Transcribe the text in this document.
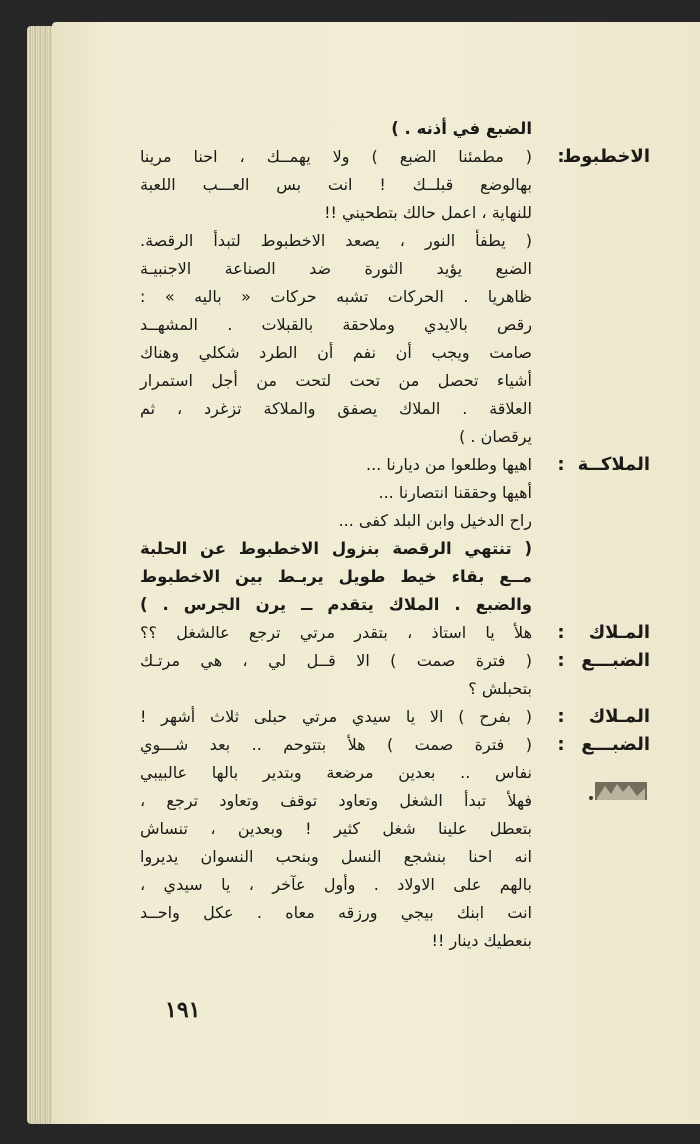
الضبع في أذنه . )
الاخطبوط
:
( مطمئنا الضبع ) ولا يهمــك ، احنا مرينا
بهالوضع قبلــك ! انت بس العـــب اللعبة
للنهاية ، اعمل حالك بتطحيني !!
( يطفأ النور ، يصعد الاخطبوط لتبدأ الرقصة.
الضبع يؤيد الثورة ضد الصناعة الاجنبيـة
ظاهريا . الحركات تشبه حركات « باليه » :
رقص بالايدي وملاحقة بالقبلات . المشهــد
صامت ويجب أن نفم أن الطرد شكلي وهناك
أشياء تحصل من تحت لتحت من أجل استمرار
العلاقة . الملاك يصفق والملاكة تزغرد ، ثم
يرقصان . )
الملاكــة
:
اهيها وطلعوا من ديارنا ...
أهيها وحققنا انتصارنا ...
راح الدخيل وابن البلد كفى ...
( تنتهي الرقصة بنزول الاخطبوط عن الحلبة
مــع بقاء خيط طويل يربـط بين الاخطبوط
والضبع . الملاك يتقدم ــ يرن الجرس . )
المـلاك
:
هلأ يا استاذ ، بتقدر مرتي ترجع عالشغل ؟؟
الضبـــع
:
( فترة صمت ) الا قــل لي ، هي مرتـك
بتحبلش ؟
المـلاك
:
( بفرح ) الا يا سيدي مرتي حبلى ثلاث أشهر !
الضبـــع
:
( فترة صمت ) هلأ بتتوحم .. بعد شـــوي
نفاس .. بعدين مرضعة وبتدير بالها عالبيبي
فهلأ تبدأ الشغل وتعاود توقف وتعاود ترجع ،
بتعطل علينا شغل كثير ! وبعدين ، تنساش
انه احنا بنشجع النسل وبنحب النسوان يديروا
بالهم على الاولاد . وأول عآخر ، يا سيدي ،
انت ابنك بيجي ورزقه معاه . عكل واحــد
بنعطيك دينار !!
١٩١
